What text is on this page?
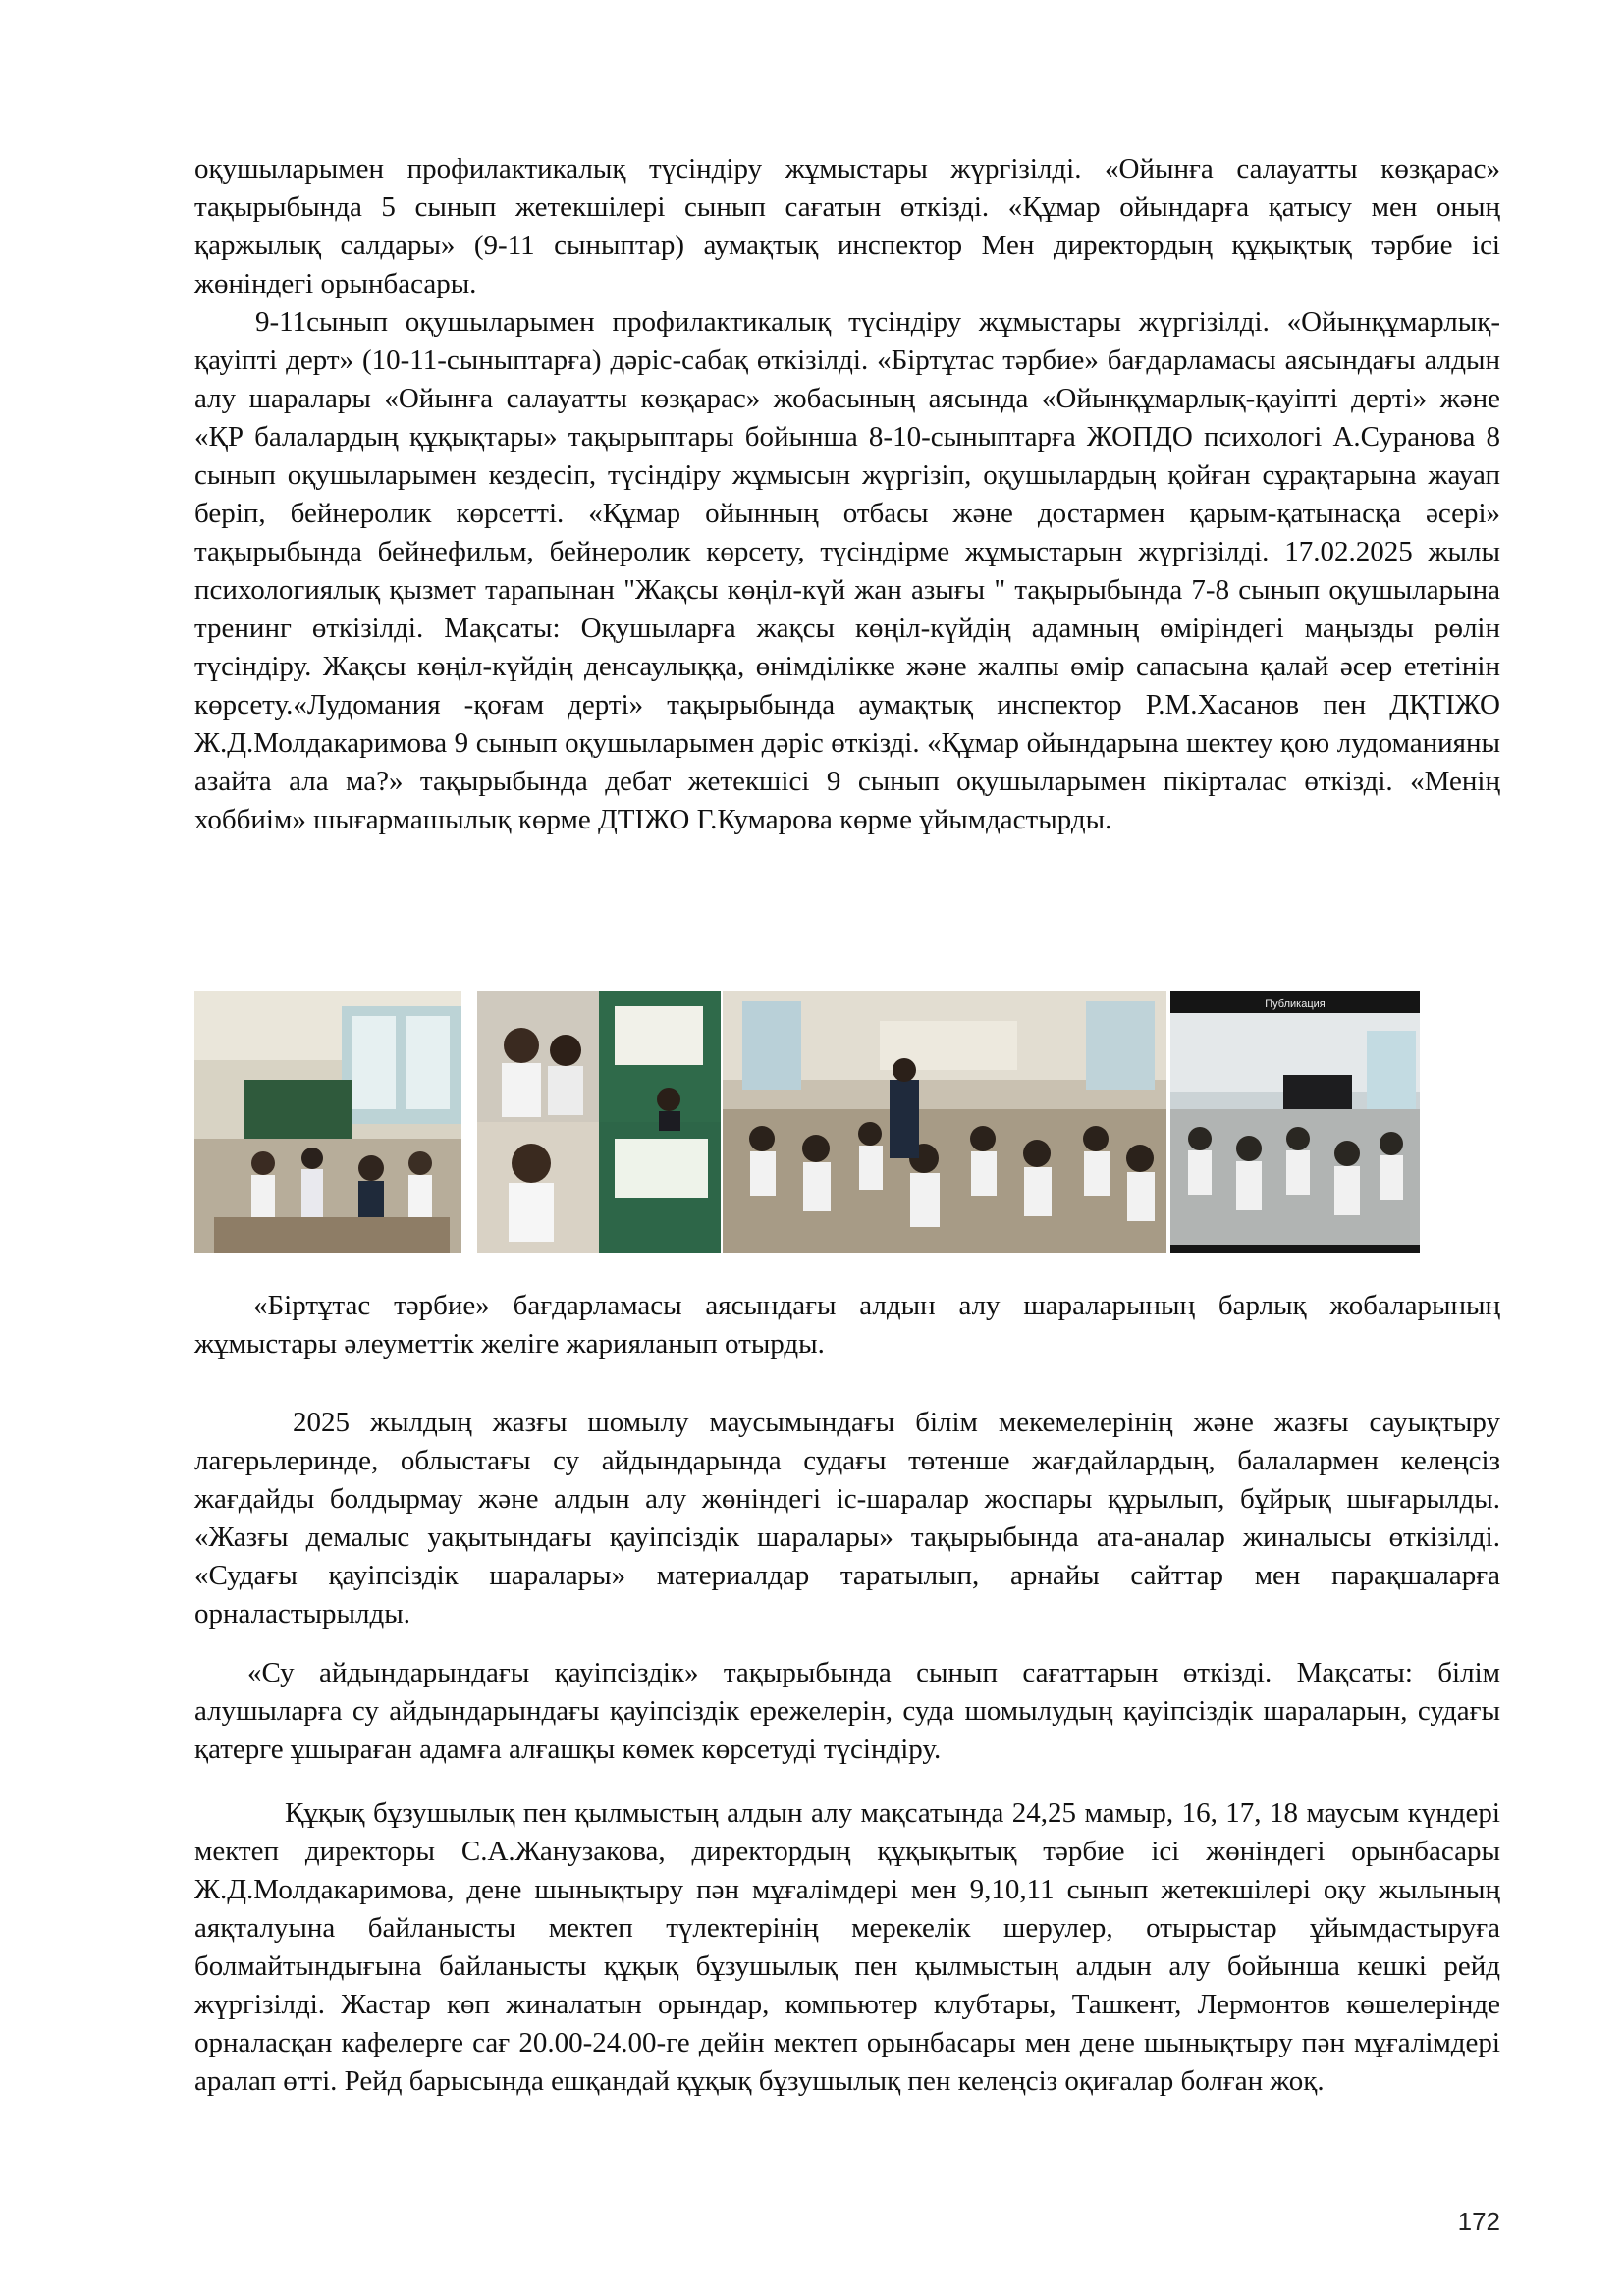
оқушыларымен профилактикалық түсіндіру жұмыстары жүргізілді. «Ойынға салауатты көзқарас» тақырыбында 5 сынып жетекшілері сынып сағатын өткізді. «Құмар ойындарға қатысу мен оның қаржылық салдары» (9-11 сыныптар) аумақтық инспектор Мен директордың құқықтық тәрбие ісі жөніндегі орынбасары.

9-11сынып оқушыларымен профилактикалық түсіндіру жұмыстары жүргізілді. «Ойынқұмарлық-қауіпті дерт» (10-11-сыныптарға) дәріс-сабақ өткізілді. «Біртұтас тәрбие» бағдарламасы аясындағы алдын алу шаралары «Ойынға салауатты көзқарас» жобасының аясында «Ойынқұмарлық-қауіпті дерті» және «ҚР балалардың құқықтары» тақырыптары бойынша 8-10-сыныптарға ЖОПДО психологі А.Суранова 8 сынып оқушыларымен кездесіп, түсіндіру жұмысын жүргізіп, оқушылардың қойған сұрақтарына жауап беріп, бейнеролик көрсетті. «Құмар ойынның отбасы және достармен қарым-қатынасқа әсері» тақырыбында бейнефильм, бейнеролик көрсету, түсіндірме жұмыстарын жүргізілді. 17.02.2025 жылы психологиялық қызмет тарапынан "Жақсы көңіл-күй жан азығы " тақырыбында 7-8 сынып оқушыларына тренинг өткізілді. Мақсаты: Оқушыларға жақсы көңіл-күйдің адамның өміріндегі маңызды рөлін түсіндіру. Жақсы көңіл-күйдің денсаулыққа, өнімділікке және жалпы өмір сапасына қалай әсер ететінін көрсету.«Лудомания -қоғам дерті» тақырыбында аумақтық инспектор Р.М.Хасанов пен ДҚТІЖО Ж.Д.Молдакаримова 9 сынып оқушыларымен дәріс өткізді. «Құмар ойындарына шектеу қою лудоманияны азайта ала ма?» тақырыбында дебат жетекшісі 9 сынып оқушыларымен пікірталас өткізді. «Менің хоббиім» шығармашылық көрме ДТІЖО Г.Кумарова көрме ұйымдастырды.

Публикация

«Біртұтас тәрбие» бағдарламасы аясындағы алдын алу шараларының барлық жобаларының жұмыстары әлеуметтік желіге жарияланып отырды.

2025 жылдың жазғы шомылу маусымындағы білім мекемелерінің және жазғы сауықтыру лагерьлеринде, облыстағы су айдындарында судағы төтенше жағдайлардың, балалармен келеңсіз жағдайды болдырмау және алдын алу жөніндегі іс-шаралар жоспары құрылып, бұйрық шығарылды. «Жазғы демалыс уақытындағы қауіпсіздік шаралары» тақырыбында ата-аналар жиналысы өткізілді. «Судағы қауіпсіздік шаралары» материалдар таратылып, арнайы сайттар мен парақшаларға орналастырылды.

«Су айдындарындағы қауіпсіздік» тақырыбында сынып сағаттарын өткізді. Мақсаты: білім алушыларға су айдындарындағы қауіпсіздік ережелерін, суда шомылудың қауіпсіздік шараларын, судағы қатерге ұшыраған адамға алғашқы көмек көрсетуді түсіндіру.

Құқық бұзушылық пен қылмыстың алдын алу мақсатында 24,25 мамыр, 16, 17, 18 маусым күндері мектеп директоры С.А.Жанузакова, директордың құқықытық тәрбие ісі жөніндегі орынбасары Ж.Д.Молдакаримова, дене шынықтыру пән мұғалімдері мен 9,10,11 сынып жетекшілері оқу жылының аяқталуына байланысты мектеп түлектерінің мерекелік шерулер, отырыстар ұйымдастыруға болмайтындығына байланысты құқық бұзушылық пен қылмыстың алдын алу бойынша кешкі рейд жүргізілді. Жастар көп жиналатын орындар, компьютер клубтары, Ташкент, Лермонтов көшелерінде орналасқан кафелерге сағ 20.00-24.00-ге дейін мектеп орынбасары мен дене шынықтыру пән мұғалімдері аралап өтті. Рейд барысында ешқандай құқық бұзушылық пен келеңсіз оқиғалар болған жоқ.

172
